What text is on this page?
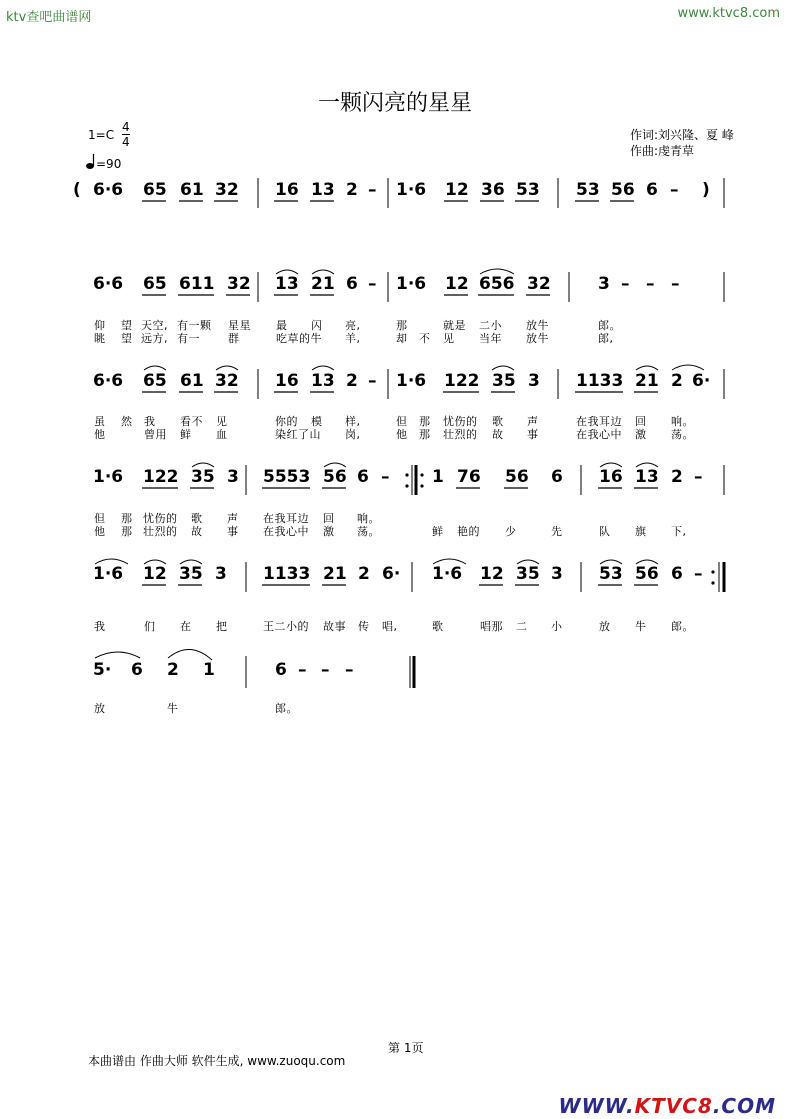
ktv查吧曲谱网	www.ktvc8.com
一颗闪亮的星星
1=C
4
4
=90
作词:刘兴隆、夏 峰
作曲:虔青草
( 6·6 65 61 32 16 13 2 – 1·6 12 36 53 53 56 6 – )
6·6 65 611 32 13 21 6 – 1·6 12 656 32	3 – – –
仰 望 天空, 有一颗 星星 最 闪 亮,	那	就是 二小 放牛	郎。
眺 望 远方, 有一	群	吃草的牛 羊,	却 不 见 当年 放牛	郎,
6·6 65 61 32 16 13 2 – 1·6 122 35 3 1133 21 2 6·
虽 然 我 看不 见	你的 模 样,	但 那 忧伤的 歌 声	在我耳边 回 响。
他	曾用 鲜 血	染红了山 岗,	他 那 壮烈的 故 事	在我心中 激 荡。
1·6 122 35 3 5553 56 6 –	1 76 56 6 16 13 2 –
但 那 忧伤的 歌 声 在我耳边 回 响。
他 那 壮烈的 故 事 在我心中 激 荡。	鲜 艳的 少	先	队 旗 下,
1·6 12 35 3 1133 21 2 6· 1·6 12 35 3 53 56 6 –
我	们 在 把	王二小的 故事 传 唱,	歌	唱那 二 小	放 牛 郎。
5· 6 2 1	6 – – –
放	牛	郎。
第 1页
本曲谱由 作曲大师 软件生成, www.zuoqu.com
WWW.KTVC8.COM
